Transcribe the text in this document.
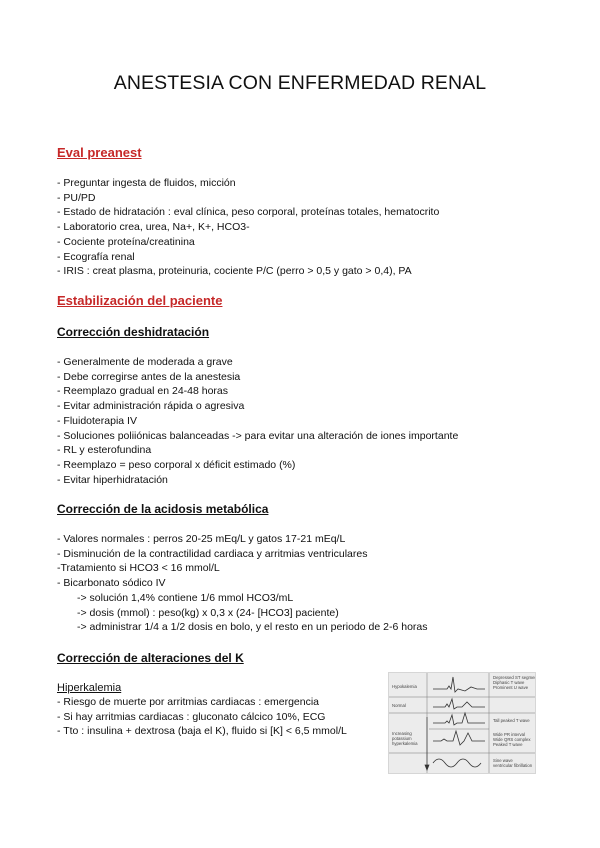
ANESTESIA CON ENFERMEDAD RENAL
Eval preanest
- Preguntar ingesta de fluidos, micción
- PU/PD
- Estado de hidratación : eval clínica, peso corporal, proteínas totales, hematocrito
- Laboratorio crea, urea, Na+, K+, HCO3-
- Cociente proteína/creatinina
- Ecografía renal
- IRIS : creat plasma, proteinuria, cociente P/C (perro > 0,5 y gato > 0,4), PA
Estabilización del paciente
Corrección deshidratación
- Generalmente de moderada a grave
- Debe corregirse antes de la anestesia
- Reemplazo gradual en 24-48 horas
- Evitar administración rápida o agresiva
- Fluidoterapia IV
- Soluciones poliiónicas balanceadas -> para evitar una alteración de iones importante
- RL y esterofundina
- Reemplazo = peso corporal x déficit estimado (%)
- Evitar hiperhidratación
Corrección de la acidosis metabólica
- Valores normales : perros 20-25 mEq/L y gatos 17-21 mEq/L
- Disminución de la contractilidad cardiaca y arritmias ventriculares
-Tratamiento si HCO3 < 16 mmol/L
- Bicarbonato sódico IV
-> solución 1,4% contiene 1/6 mmol HCO3/mL
-> dosis (mmol) : peso(kg) x 0,3 x (24- [HCO3] paciente)
-> administrar 1/4 a 1/2 dosis en bolo, y el resto en un periodo de 2-6 horas
Corrección de alteraciones del K
Hiperkalemia
- Riesgo de muerte por arritmias cardiacas : emergencia
- Si hay arritmias cardiacas : gluconato cálcico 10%, ECG
- Tto : insulina + dextrosa (baja el K), fluido si [K] < 6,5 mmol/L
Hypokalemia
Normal
Increasing
potassium
hyperkalemia
Depressed ST segment
Diphasic T wave
Prominent U wave
Tall peaked T wave
Wide PR interval
Wide QRS complex
Peaked T wave
Sine wave
ventricular fibrillation
